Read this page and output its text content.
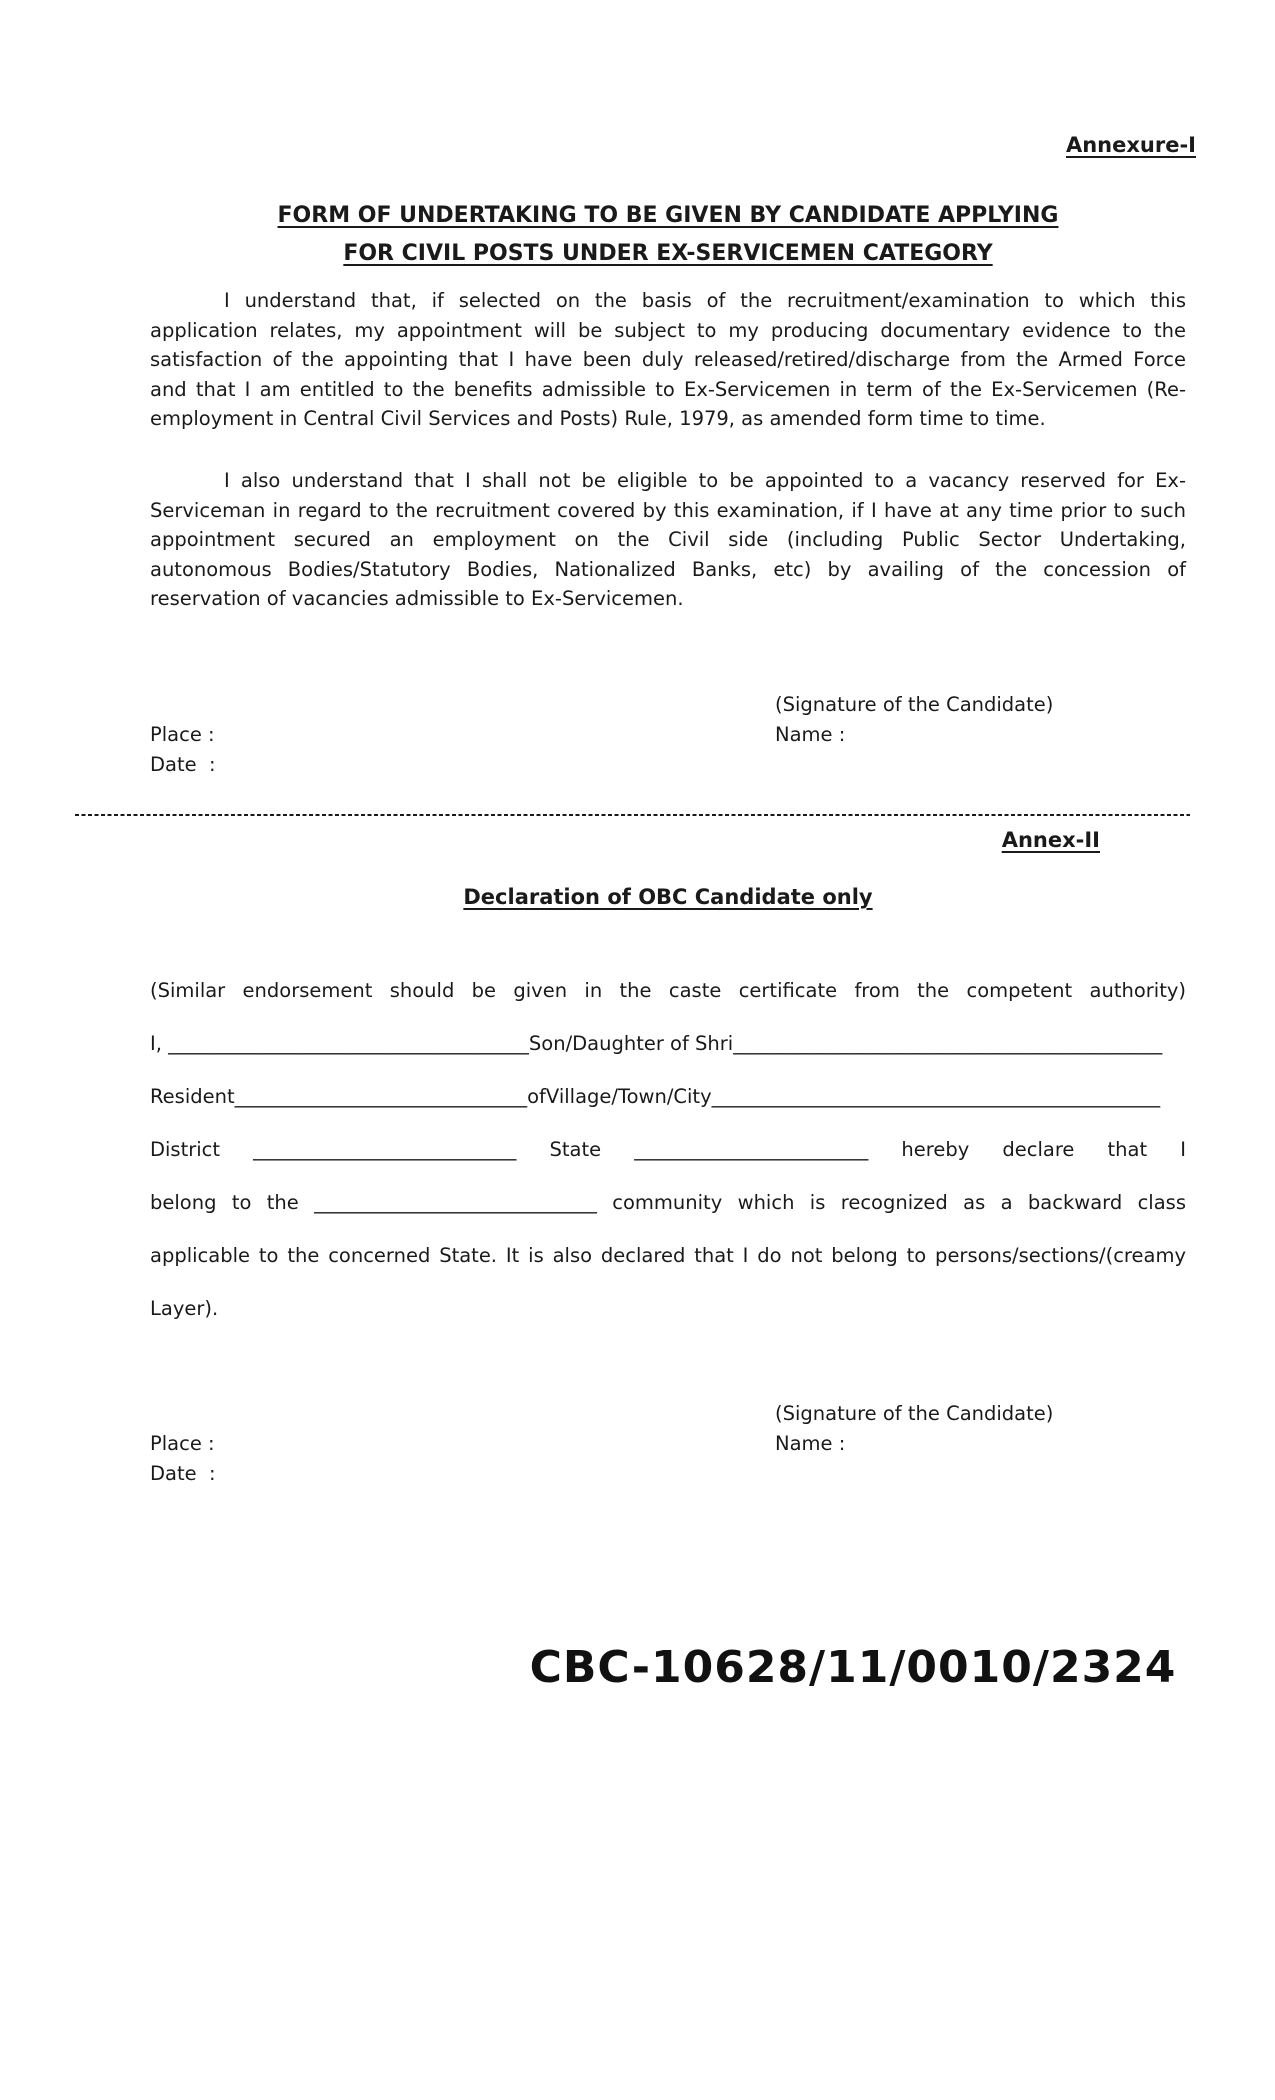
Annexure-I
FORM OF UNDERTAKING TO BE GIVEN BY CANDIDATE APPLYING
FOR CIVIL POSTS UNDER EX-SERVICEMEN CATEGORY
I understand that, if selected on the basis of the recruitment/examination to which this
application relates, my appointment will be subject to my producing documentary evidence to the
satisfaction of the appointing that I have been duly released/retired/discharge from the Armed Force
and that I am entitled to the benefits admissible to Ex-Servicemen in term of the Ex-Servicemen (Re-
employment in Central Civil Services and Posts) Rule, 1979, as amended form time to time.
I also understand that I shall not be eligible to be appointed to a vacancy reserved for Ex-
Serviceman in regard to the recruitment covered by this examination, if I have at any time prior to such
appointment secured an employment on the Civil side (including Public Sector Undertaking,
autonomous Bodies/Statutory Bodies, Nationalized Banks, etc) by availing of the concession of
reservation of vacancies admissible to Ex-Servicemen.
(Signature of the Candidate)
Place :	Name :
Date  :
Annex-II
Declaration of OBC Candidate only
(Similar endorsement should be given in the caste certificate from the competent authority)
I, _____________________________________Son/Daughter of Shri____________________________________________
Resident______________________________ofVillage/Town/City______________________________________________
District ___________________________ State ________________________ hereby declare that I
belong to the _____________________________ community which is recognized as a backward class
applicable to the concerned State. It is also declared that I do not belong to persons/sections/(creamy
Layer).
(Signature of the Candidate)
Place :	Name :
Date  :
CBC-10628/11/0010/2324
